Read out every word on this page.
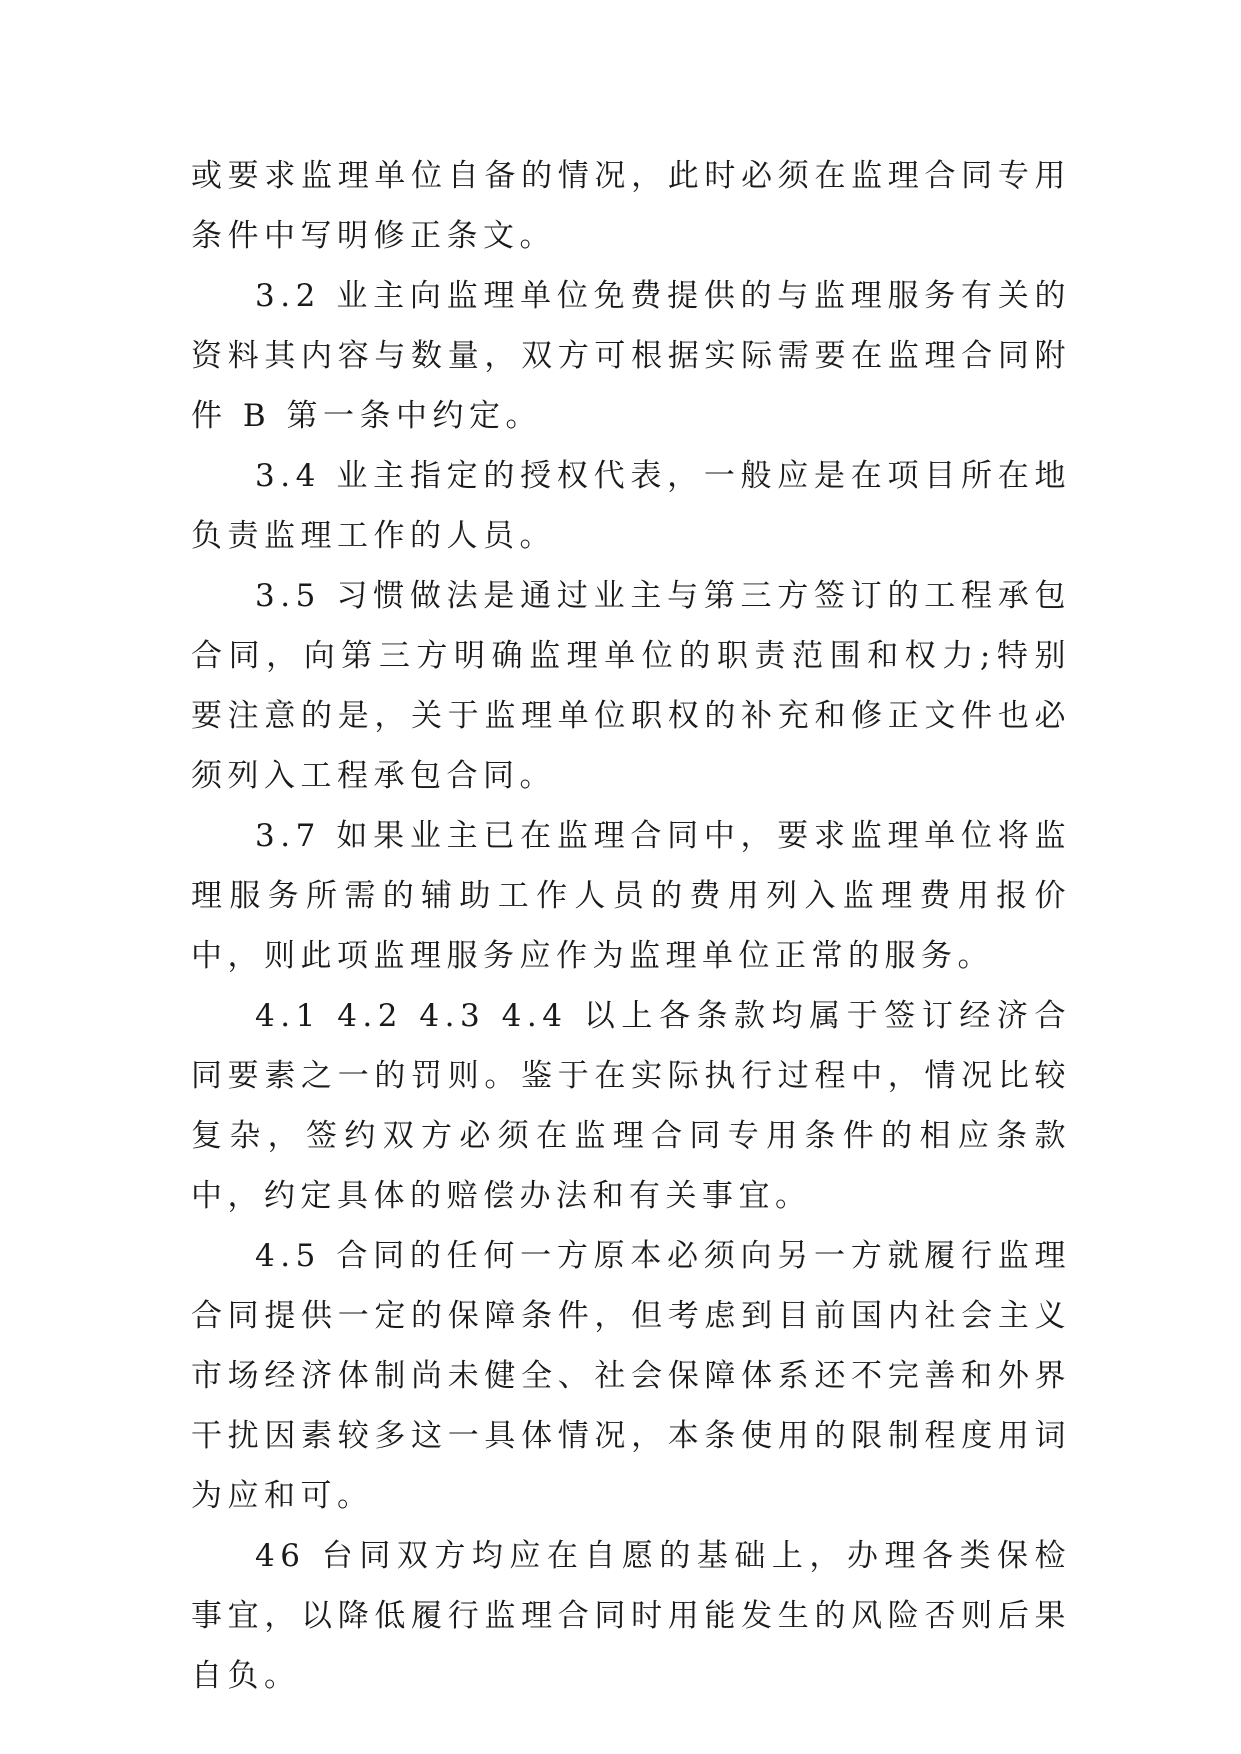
或要求监理单位自备的情况，此时必须在监理合同专用条件中写明修正条文。

3.2 业主向监理单位免费提供的与监理服务有关的资料其内容与数量，双方可根据实际需要在监理合同附件 B 第一条中约定。

3.4 业主指定的授权代表，一般应是在项目所在地负责监理工作的人员。

3.5 习惯做法是通过业主与第三方签订的工程承包合同，向第三方明确监理单位的职责范围和权力;特别要注意的是，关于监理单位职权的补充和修正文件也必须列入工程承包合同。

3.7 如果业主已在监理合同中，要求监理单位将监理服务所需的辅助工作人员的费用列入监理费用报价中，则此项监理服务应作为监理单位正常的服务。

4.1 4.2 4.3 4.4 以上各条款均属于签订经济合同要素之一的罚则。鉴于在实际执行过程中，情况比较复杂，签约双方必须在监理合同专用条件的相应条款中，约定具体的赔偿办法和有关事宜。

4.5 合同的任何一方原本必须向另一方就履行监理合同提供一定的保障条件，但考虑到目前国内社会主义市场经济体制尚未健全、社会保障体系还不完善和外界干扰因素较多这一具体情况，本条使用的限制程度用词为应和可。

46 台同双方均应在自愿的基础上，办理各类保检事宜，以降低履行监理合同时用能发生的风险否则后果自负。
